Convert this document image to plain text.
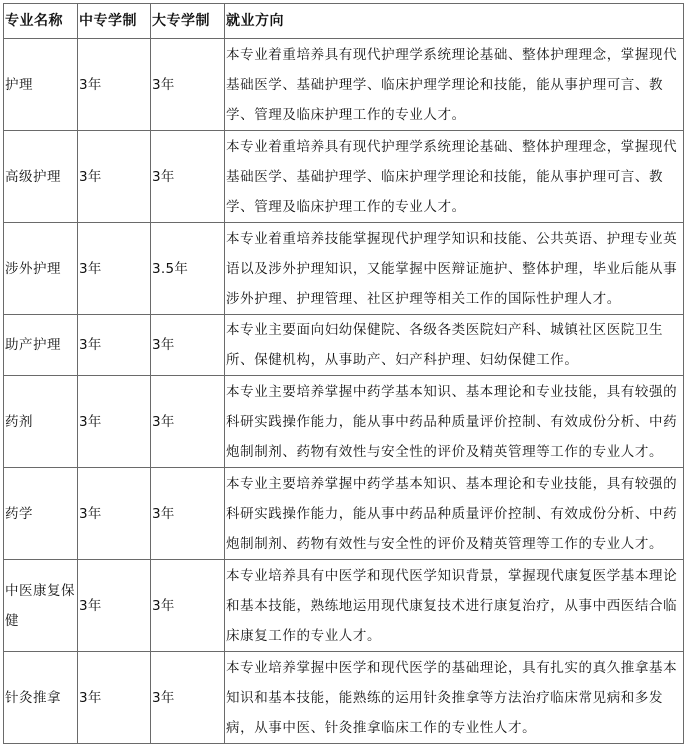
专业名称	中专学制	大专学制	就业方向
护理	3年	3年	本专业着重培养具有现代护理学系统理论基础、整体护理理念，掌握现代基础医学、基础护理学、临床护理学理论和技能，能从事护理可言、教学、管理及临床护理工作的专业人才。
高级护理	3年	3年	本专业着重培养具有现代护理学系统理论基础、整体护理理念，掌握现代基础医学、基础护理学、临床护理学理论和技能，能从事护理可言、教学、管理及临床护理工作的专业人才。
涉外护理	3年	3.5年	本专业着重培养技能掌握现代护理学知识和技能、公共英语、护理专业英语以及涉外护理知识，又能掌握中医辩证施护、整体护理，毕业后能从事涉外护理、护理管理、社区护理等相关工作的国际性护理人才。
助产护理	3年	3年	本专业主要面向妇幼保健院、各级各类医院妇产科、城镇社区医院卫生所、保健机构，从事助产、妇产科护理、妇幼保健工作。
药剂	3年	3年	本专业主要培养掌握中药学基本知识、基本理论和专业技能，具有较强的科研实践操作能力，能从事中药品种质量评价控制、有效成份分析、中药炮制制剂、药物有效性与安全性的评价及精英管理等工作的专业人才。
药学	3年	3年	本专业主要培养掌握中药学基本知识、基本理论和专业技能，具有较强的科研实践操作能力，能从事中药品种质量评价控制、有效成份分析、中药炮制制剂、药物有效性与安全性的评价及精英管理等工作的专业人才。
中医康复保健	3年	3年	本专业培养具有中医学和现代医学知识背景，掌握现代康复医学基本理论和基本技能，熟练地运用现代康复技术进行康复治疗，从事中西医结合临床康复工作的专业人才。
针灸推拿	3年	3年	本专业培养掌握中医学和现代医学的基础理论，具有扎实的真久推拿基本知识和基本技能，能熟练的运用针灸推拿等方法治疗临床常见病和多发病，从事中医、针灸推拿临床工作的专业性人才。
